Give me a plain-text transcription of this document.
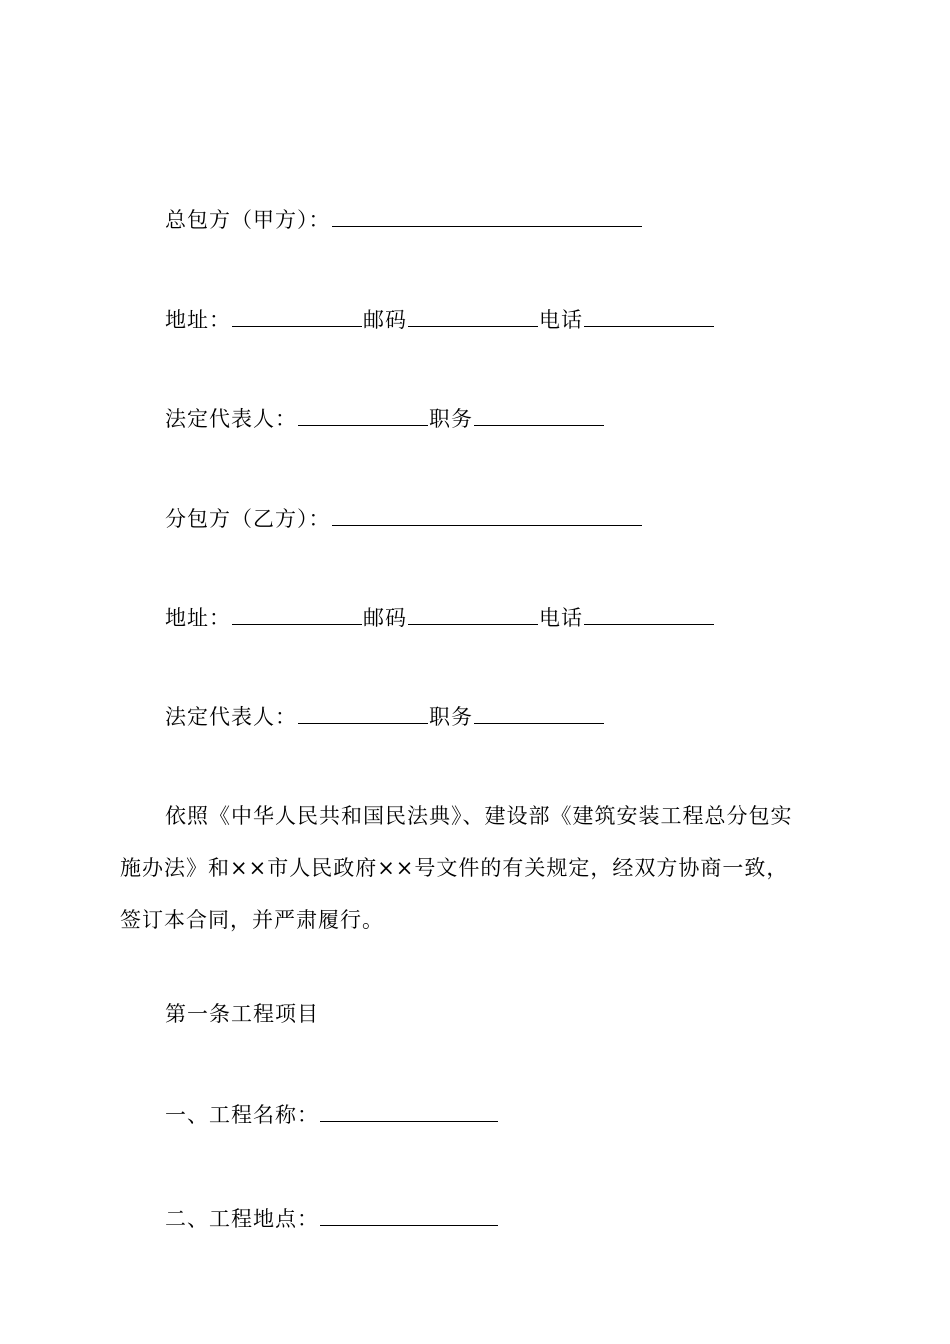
总包方（甲方）：
地址：	邮码	电话
法定代表人：	职务
分包方（乙方）：
地址：	邮码	电话
法定代表人：	职务
依照《中华人民共和国民法典》、建设部《建筑安装工程总分包实
施办法》和××市人民政府××号文件的有关规定，经双方协商一致，
签订本合同，并严肃履行。
第一条工程项目
一、工程名称：
二、工程地点：
